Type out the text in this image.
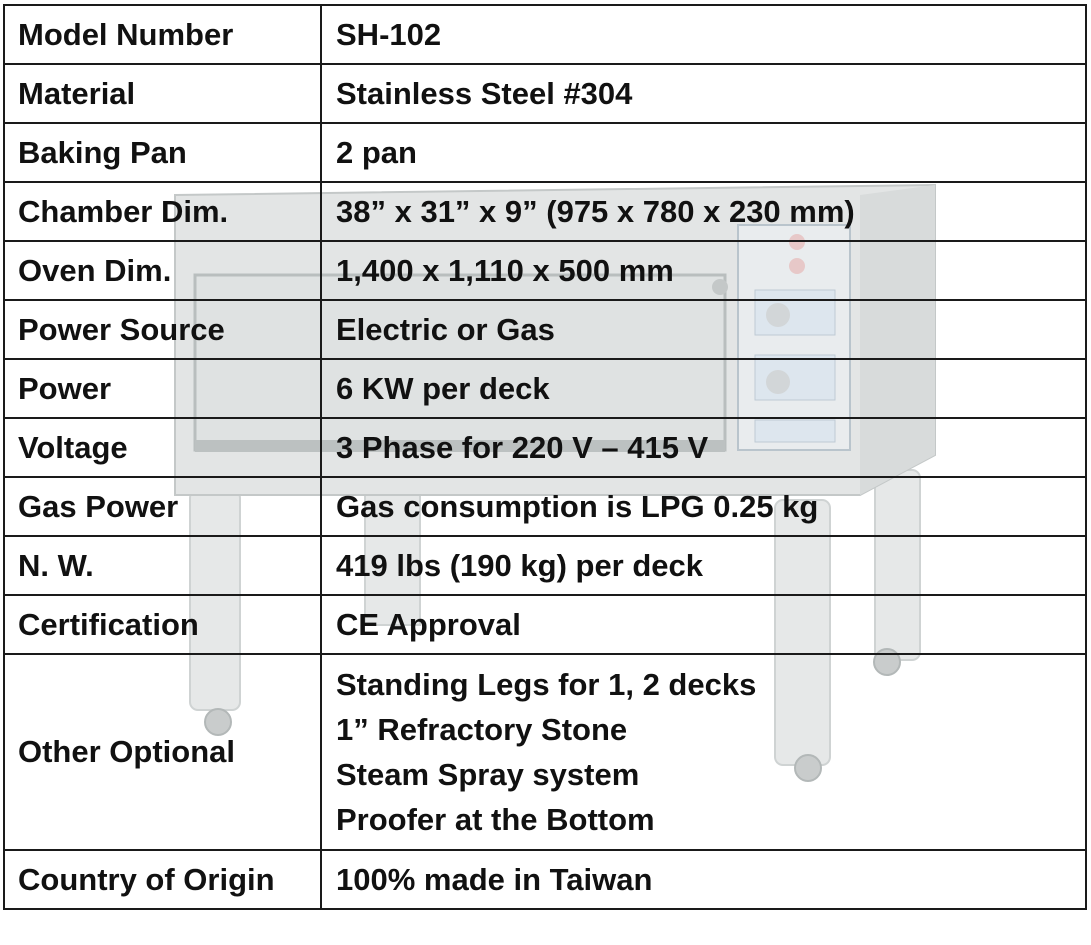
Model Number	SH-102
Material	Stainless Steel #304
Baking Pan	2 pan
Chamber Dim.	38” x 31” x 9” (975 x 780 x 230 mm)
Oven Dim.	1,400 x 1,110 x 500 mm
Power Source	Electric or Gas
Power	6 KW per deck
Voltage	3 Phase for 220 V – 415 V
Gas Power	Gas consumption is LPG 0.25 kg
N. W.	419 lbs (190 kg) per deck
Certification	CE Approval
Other Optional	Standing Legs for 1, 2 decks
1” Refractory Stone
Steam Spray system
Proofer at the Bottom

Country of Origin	100% made in Taiwan
